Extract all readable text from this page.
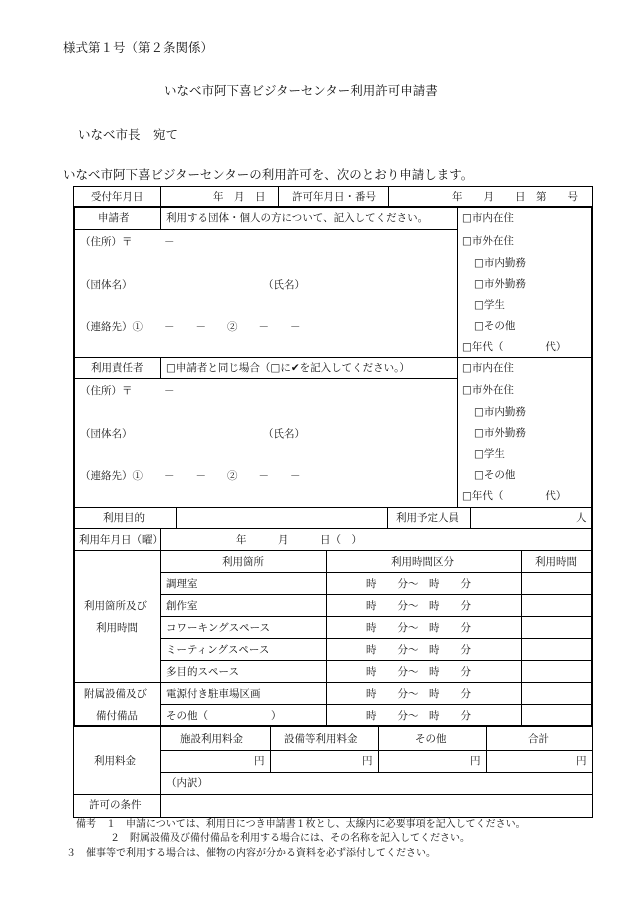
様式第１号（第２条関係）
いなべ市阿下喜ビジターセンター利用許可申請書
いなべ市長　宛て
いなべ市阿下喜ビジターセンターの利用許可を、次のとおり申請します。
受付年月日	年　月　日	許可年月日・番号	年　　月　　日　第　　号
申請者	利用する団体・個人の方について、記入してください。
（住所）〒　　　－
（団体名）	（氏名）
（連絡先）①　　－　　－　　②　　－　　－
□市内在住
□市外在住
□市内勤務
□市外勤務
□学生
□その他
□年代（　　　　代）
利用責任者 □申請者と同じ場合（□に✔を記入してください。）
（住所）〒　　　－
（団体名）	（氏名）
（連絡先）①　　－　　－　　②　　－　　－
□市内在住
□市外在住
□市内勤務
□市外勤務
□学生
□その他
□年代（　　　　代）
利用目的	利用予定人員	人
利用年月日（曜）	年　　　月　　　日（　）
利用箇所	利用時間区分	利用時間
利用箇所及び
利用時間
調理室	時　　分～　時　　分
創作室	時　　分～　時　　分
コワーキングスペース	時　　分～　時　　分
ミーティングスペース	時　　分～　時　　分
多目的スペース	時　　分～　時　　分
附属設備及び
備付備品
電源付き駐車場区画	時　　分～　時　　分
その他（　　　　　　）	時　　分～　時　　分
利用料金
施設利用料金	設備等利用料金	その他	合計
円	円	円	円
（内訳）
許可の条件
備考　１　申請については、利用日につき申請書１枚とし、太線内に必要事項を記入してください。
２　附属設備及び備付備品を利用する場合には、その名称を記入してください。
３　催事等で利用する場合は、催物の内容が分かる資料を必ず添付してください。
